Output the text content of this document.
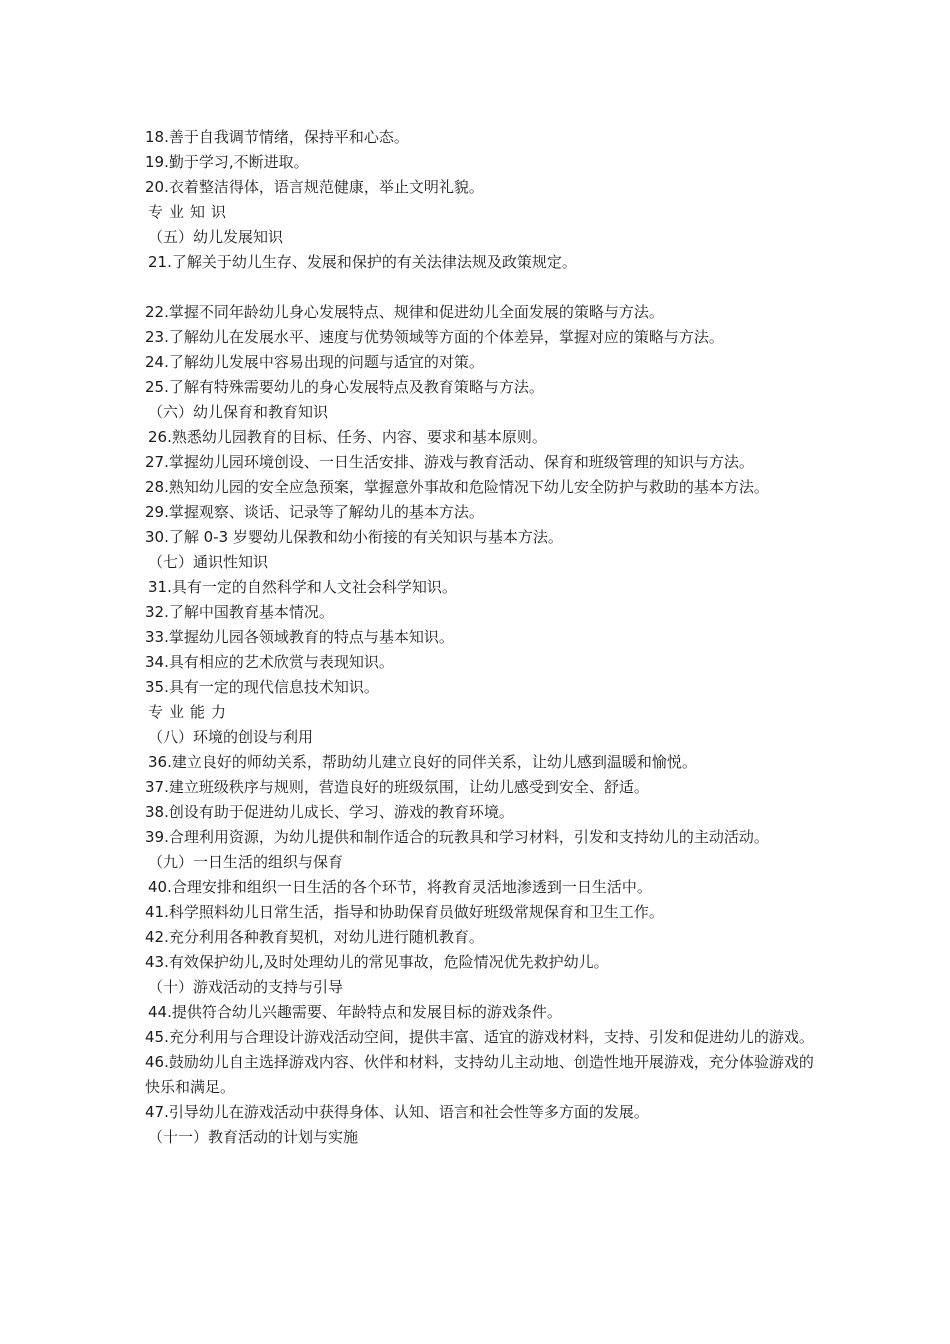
18.善于自我调节情绪，保持平和心态。
19.勤于学习,不断进取。
20.衣着整洁得体，语言规范健康，举止文明礼貌。
专业知识
（五）幼儿发展知识
21.了解关于幼儿生存、发展和保护的有关法律法规及政策规定。
22.掌握不同年龄幼儿身心发展特点、规律和促进幼儿全面发展的策略与方法。
23.了解幼儿在发展水平、速度与优势领域等方面的个体差异，掌握对应的策略与方法。
24.了解幼儿发展中容易出现的问题与适宜的对策。
25.了解有特殊需要幼儿的身心发展特点及教育策略与方法。
（六）幼儿保育和教育知识
26.熟悉幼儿园教育的目标、任务、内容、要求和基本原则。
27.掌握幼儿园环境创设、一日生活安排、游戏与教育活动、保育和班级管理的知识与方法。
28.熟知幼儿园的安全应急预案，掌握意外事故和危险情况下幼儿安全防护与救助的基本方法。
29.掌握观察、谈话、记录等了解幼儿的基本方法。
30.了解 0-3 岁婴幼儿保教和幼小衔接的有关知识与基本方法。
（七）通识性知识
31.具有一定的自然科学和人文社会科学知识。
32.了解中国教育基本情况。
33.掌握幼儿园各领域教育的特点与基本知识。
34.具有相应的艺术欣赏与表现知识。
35.具有一定的现代信息技术知识。
专业能力
（八）环境的创设与利用
36.建立良好的师幼关系，帮助幼儿建立良好的同伴关系，让幼儿感到温暖和愉悦。
37.建立班级秩序与规则，营造良好的班级氛围，让幼儿感受到安全、舒适。
38.创设有助于促进幼儿成长、学习、游戏的教育环境。
39.合理利用资源，为幼儿提供和制作适合的玩教具和学习材料，引发和支持幼儿的主动活动。
（九）一日生活的组织与保育
40.合理安排和组织一日生活的各个环节，将教育灵活地渗透到一日生活中。
41.科学照料幼儿日常生活，指导和协助保育员做好班级常规保育和卫生工作。
42.充分利用各种教育契机，对幼儿进行随机教育。
43.有效保护幼儿,及时处理幼儿的常见事故，危险情况优先救护幼儿。
（十）游戏活动的支持与引导
44.提供符合幼儿兴趣需要、年龄特点和发展目标的游戏条件。
45.充分利用与合理设计游戏活动空间，提供丰富、适宜的游戏材料，支持、引发和促进幼儿的游戏。
46.鼓励幼儿自主选择游戏内容、伙伴和材料，支持幼儿主动地、创造性地开展游戏，充分体验游戏的快乐和满足。
47.引导幼儿在游戏活动中获得身体、认知、语言和社会性等多方面的发展。
（十一）教育活动的计划与实施
